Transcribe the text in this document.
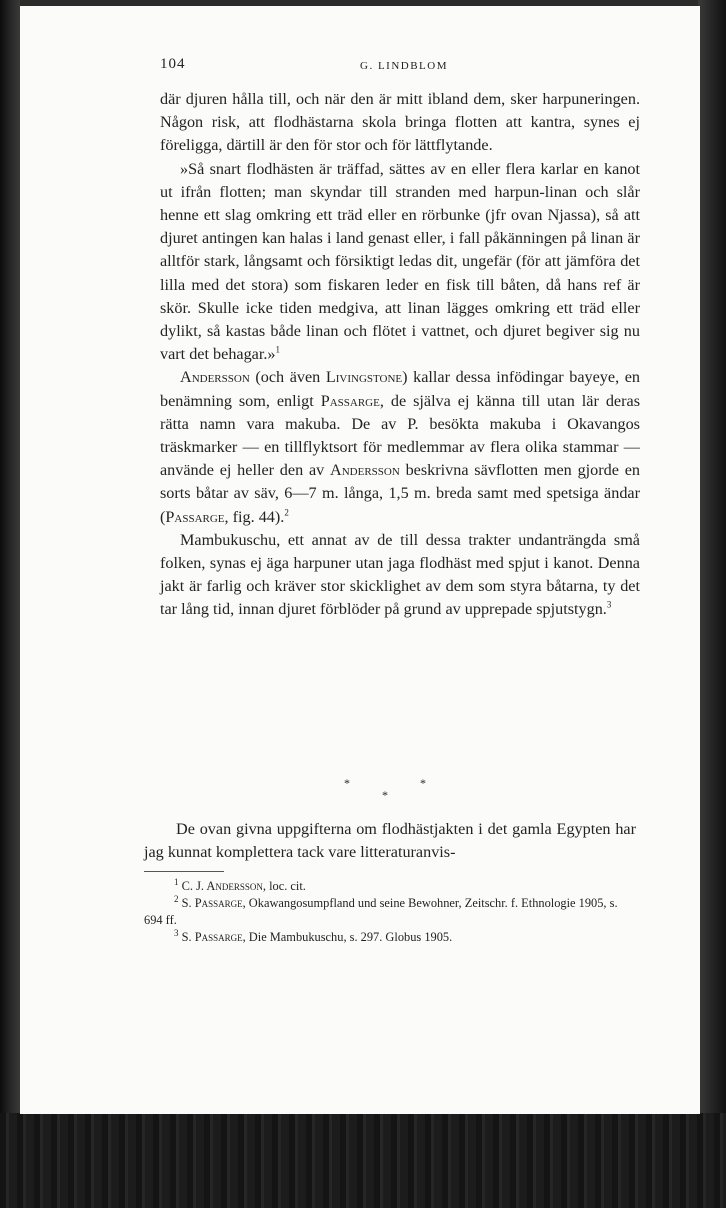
104	G. LINDBLOM

där djuren hålla till, och när den är mitt ibland dem, sker harpuneringen. Någon risk, att flodhästarna skola bringa flotten att kantra, synes ej föreligga, därtill är den för stor och för lättflytande.

»Så snart flodhästen är träffad, sättes av en eller flera karlar en kanot ut ifrån flotten; man skyndar till stranden med harpun-linan och slår henne ett slag omkring ett träd eller en rörbunke (jfr ovan Njassa), så att djuret antingen kan halas i land genast eller, i fall påkänningen på linan är alltför stark, långsamt och försiktigt ledas dit, ungefär (för att jämföra det lilla med det stora) som fiskaren leder en fisk till båten, då hans ref är skör. Skulle icke tiden medgiva, att linan lägges omkring ett träd eller dylikt, så kastas både linan och flötet i vattnet, och djuret begiver sig nu vart det behagar.»$^1$

Andersson (och även Livingstone) kallar dessa infödingar bayeye, en benämning som, enligt Passarge, de själva ej känna till utan lär deras rätta namn vara makuba. De av P. besökta makuba i Okavangos träskmarker — en tillflyktsort för medlemmar av flera olika stammar — använde ej heller den av Andersson beskrivna sävflotten men gjorde en sorts båtar av säv, 6—7 m. långa, 1,5 m. breda samt med spetsiga ändar (Passarge, fig. 44).$^2$

Mambukuschu, ett annat av de till dessa trakter undanträngda små folken, synas ej äga harpuner utan jaga flodhäst med spjut i kanot. Denna jakt är farlig och kräver stor skicklighet av dem som styra båtarna, ty det tar lång tid, innan djuret förblöder på grund av upprepade spjutstygn.$^3$

*	*
*
De ovan givna uppgifterna om flodhästjakten i det gamla Egypten har jag kunnat komplettera tack vare litteraturanvis-

$^1$ C. J. Andersson, loc. cit.

$^2$ S. Passarge, Okawangosumpfland und seine Bewohner, Zeitschr. f. Ethnologie 1905, s. 694 ff.

$^3$ S. Passarge, Die Mambukuschu, s. 297. Globus 1905.
